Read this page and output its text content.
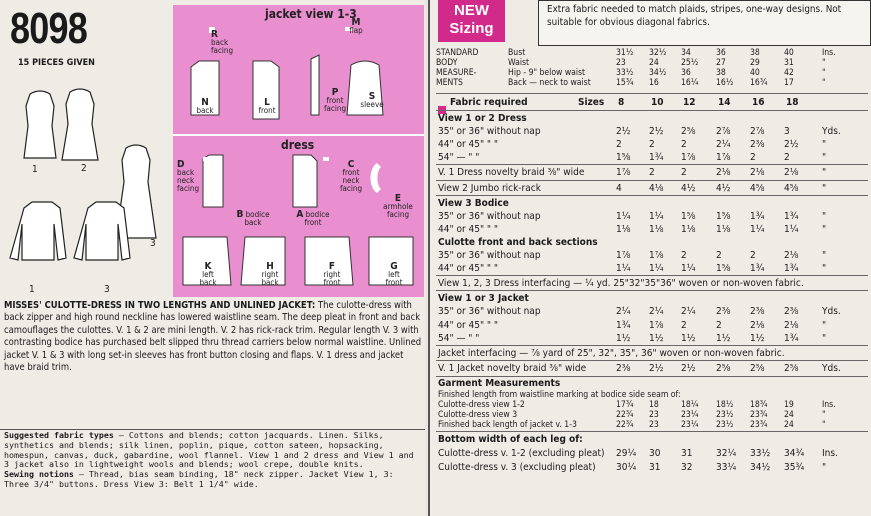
8098
15 PIECES GIVEN
1	2
3
1	3
jacket view 1-3
dress
R
back facing
M
flap
N
back
L
front
P
front facing
S
sleeve
D
back neck facing
C
front neck facing
E
armhole facing
B bodice back
A bodice front
K
left back
H
right back
F
right front
G
left front
MISSES' CULOTTE-DRESS IN TWO LENGTHS AND UNLINED JACKET: The culotte-dress with back zipper and high round neckline has lowered waistline seam. The deep pleat in front and back camouflages the culottes. V. 1 & 2 are mini length. V. 2 has rick-rack trim. Regular length V. 3 with contrasting bodice has purchased belt slipped thru thread carriers below normal waistline. Unlined jacket V. 1 & 3 with long set-in sleeves has front button closing and flaps. V. 1 dress and jacket have braid trim.
Suggested fabric types — Cottons and blends; cotton jacquards. Linen. Silks, synthetics and blends; silk linen, poplin, pique, cotton sateen, hopsacking, homespun, canvas, duck, gabardine, wool flannel. View 1 and 2 dress and View 1 and 3 jacket also in lightweight wools and blends; wool crepe, double knits.
Sewing notions — Thread, bias seam binding, 18" neck zipper. Jacket View 1, 3: Three 3/4" buttons. Dress View 3: Belt 1 1/4" wide.
NEW
Sizing
Extra fabric needed to match plaids, stripes, one-way designs. Not suitable for obvious diagonal fabrics.
STANDARD
BODY
MEASURE-
MENTS
Bust	31½ 32½ 34	36	38	40	Ins.
Waist	23	24	25½ 27	29	31	"
Hip - 9" below waist	33½ 34½ 36	38	40	42	"
Back — neck to waist	15¾ 16	16¼ 16½ 16¾ 17	"
Fabric required	Sizes 8	10 12 14 16 18
View 1 or 2 Dress
35" or 36" without nap	2½ 2½ 2⅝ 2⅞ 2⅞ 3	Yds.
44" or 45" " "	2	2	2	2¼ 2⅜ 2½ "
54" — " "	1⅝ 1¾ 1⅞ 1⅞ 2	2	"
V. 1 Dress novelty braid ⅜" wide	1⅞ 2	2	2⅛ 2⅛ 2⅛ "
View 2 Jumbo rick-rack	4	4⅛ 4½ 4½ 4⅝ 4⅝ "
View 3 Bodice
35" or 36" without nap	1¼ 1¼ 1⅝ 1⅝ 1¾ 1¾ "
44" or 45" " "	1⅛ 1⅛ 1⅛ 1⅛ 1¼ 1¼ "
Culotte front and back sections
35" or 36" without nap	1⅞ 1⅞ 2	2	2	2⅛ "
44" or 45" " "	1¼ 1¼ 1¼ 1⅝ 1¾ 1¾ "
View 1, 2, 3 Dress interfacing — ¼ yd. 25"32"35"36" woven or non-woven fabric.
View 1 or 3 Jacket
35" or 36" without nap	2¼ 2¼ 2¼ 2⅜ 2⅜ 2⅜ Yds.
44" or 45" " "	1¾ 1⅞ 2	2	2⅛ 2⅛ "
54" — " "	1½ 1½ 1½ 1½ 1½ 1¾ "
Jacket interfacing — ⅞ yard of 25", 32", 35", 36" woven or non-woven fabric.
V. 1 Jacket novelty braid ⅜" wide	2⅜ 2½ 2½ 2⅝ 2⅝ 2⅝ Yds.
Garment Measurements
Finished length from waistline marking at bodice side seam of:
Culotte-dress view 1-2	17¾ 18	18¼ 18½ 18¾ 19	Ins.
Culotte-dress view 3	22¾ 23	23¼ 23½ 23¾ 24	"
Finished back length of jacket v. 1-3	22¾ 23	23¼ 23½ 23¾ 24	"
Bottom width of each leg of:
Culotte-dress v. 1-2 (excluding pleat) 29¼ 30 31 32¼ 33½ 34¾ Ins.
Culotte-dress v. 3 (excluding pleat) 30¼ 31 32 33¼ 34½ 35¾ "
